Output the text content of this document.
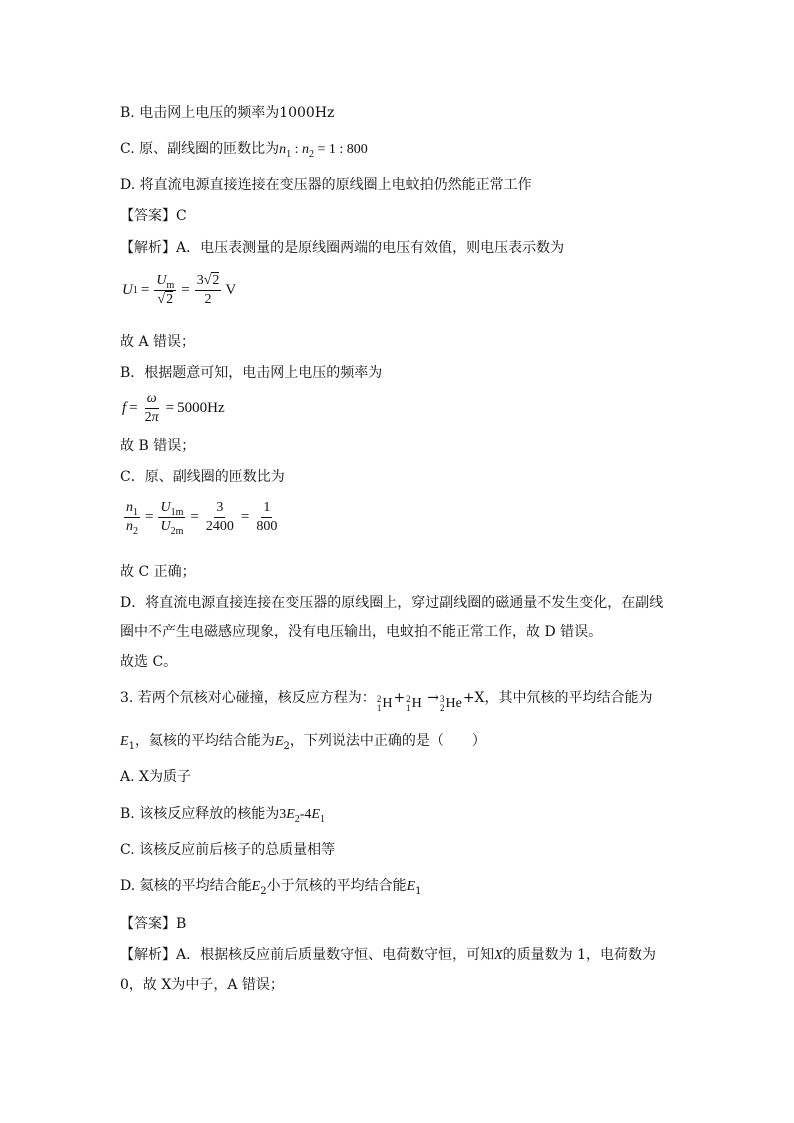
B. 电击网上电压的频率为1000Hz
C. 原、副线圈的匝数比为$n_1$ : $n_2 = 1$ : 800
D. 将直流电源直接连接在变压器的原线圈上电蚊拍仍然能正常工作
【答案】C
【解析】A．电压表测量的是原线圈两端的电压有效值，则电压表示数为
U $1 = \frac{U_m}{√2} = \frac{3√2}{2}$ V
故 A 错误；
B．根据题意可知，电击网上电压的频率为
$f = \frac{\omega}{2\pi} = 5000Hz$
故 B 错误；
C．原、副线圈的匝数比为
$\frac{n_1}{n_2} = \frac{U_{1m}}{U_{2m}} = \frac{3}{2400} = \frac{1}{800}$
故 C 正确；
D．将直流电源直接连接在变压器的原线圈上，穿过副线圈的磁通量不发生变化，在副线
圈中不产生电磁感应现象，没有电压输出，电蚊拍不能正常工作，故 D 错误。
故选 C。
3. 若两个氘核对心碰撞，核反应方程为： 2
1 H + 2
1 H → 3
2 He +X，其中氘核的平均结合能为
$E_1$，氦核的平均结合能为$E_2$，下列说法中正确的是（　　）
A. X为质子
B. 该核反应释放的核能为$3E_2-4E_1$
C. 该核反应前后核子的总质量相等
D. 氦核的平均结合能$E_2$小于氘核的平均结合能$E_1$
【答案】B
【解析】A．根据核反应前后质量数守恒、电荷数守恒，可知X的质量数为 1，电荷数为
0，故 X为中子，A 错误；
